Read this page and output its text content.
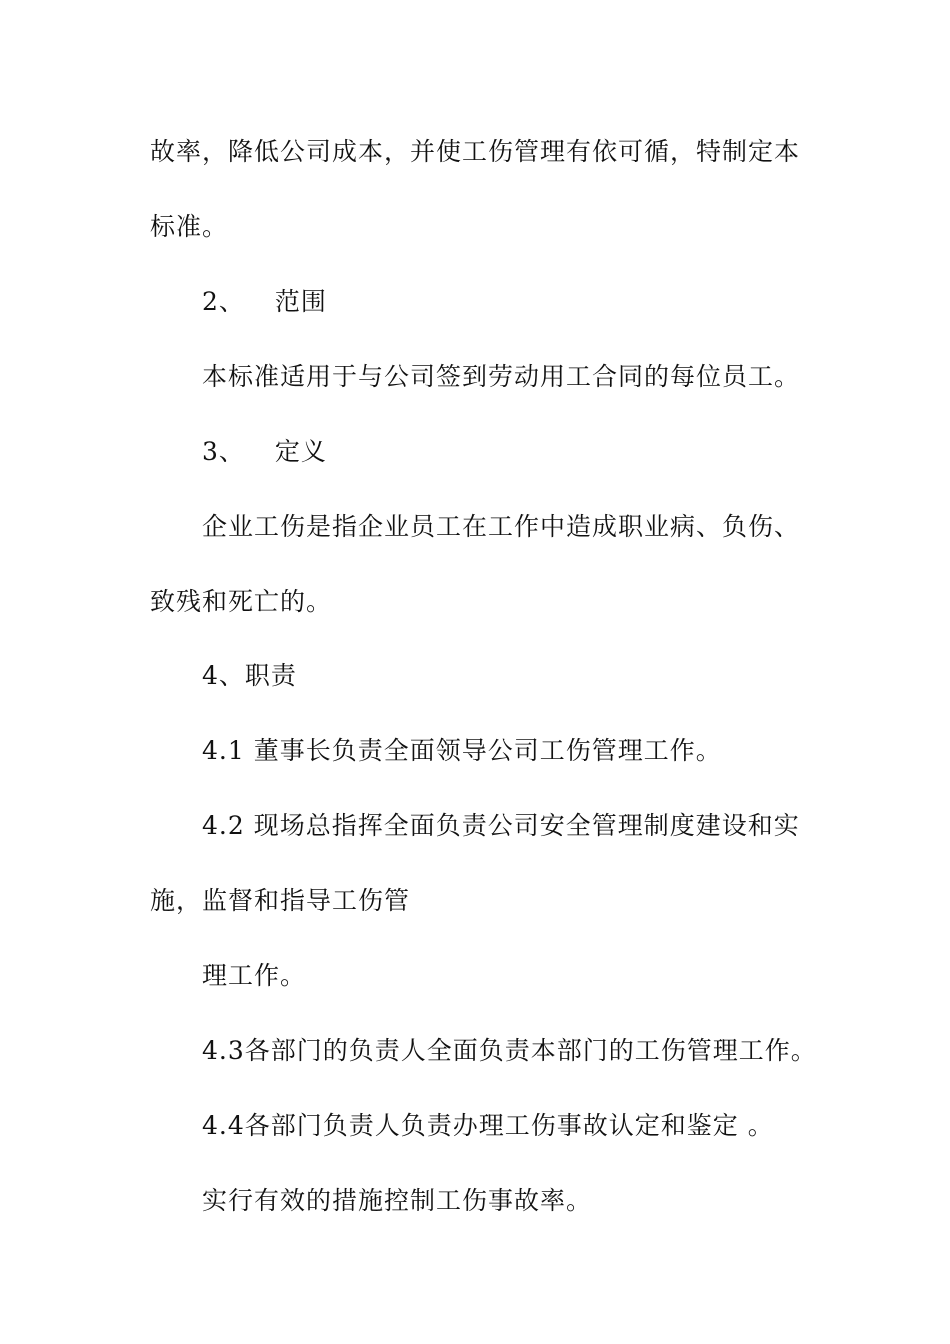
故率，降低公司成本，并使工伤管理有依可循，特制定本
标准。
2、 范围
本标准适用于与公司签到劳动用工合同的每位员工。
3、 定义
企业工伤是指企业员工在工作中造成职业病、负伤、
致残和死亡的。
4、职责
4.1 董事长负责全面领导公司工伤管理工作。
4.2 现场总指挥全面负责公司安全管理制度建设和实
施，监督和指导工伤管
理工作。
4.3各部门的负责人全面负责本部门的工伤管理工作。
4.4各部门负责人负责办理工伤事故认定和鉴定 。
实行有效的措施控制工伤事故率。
